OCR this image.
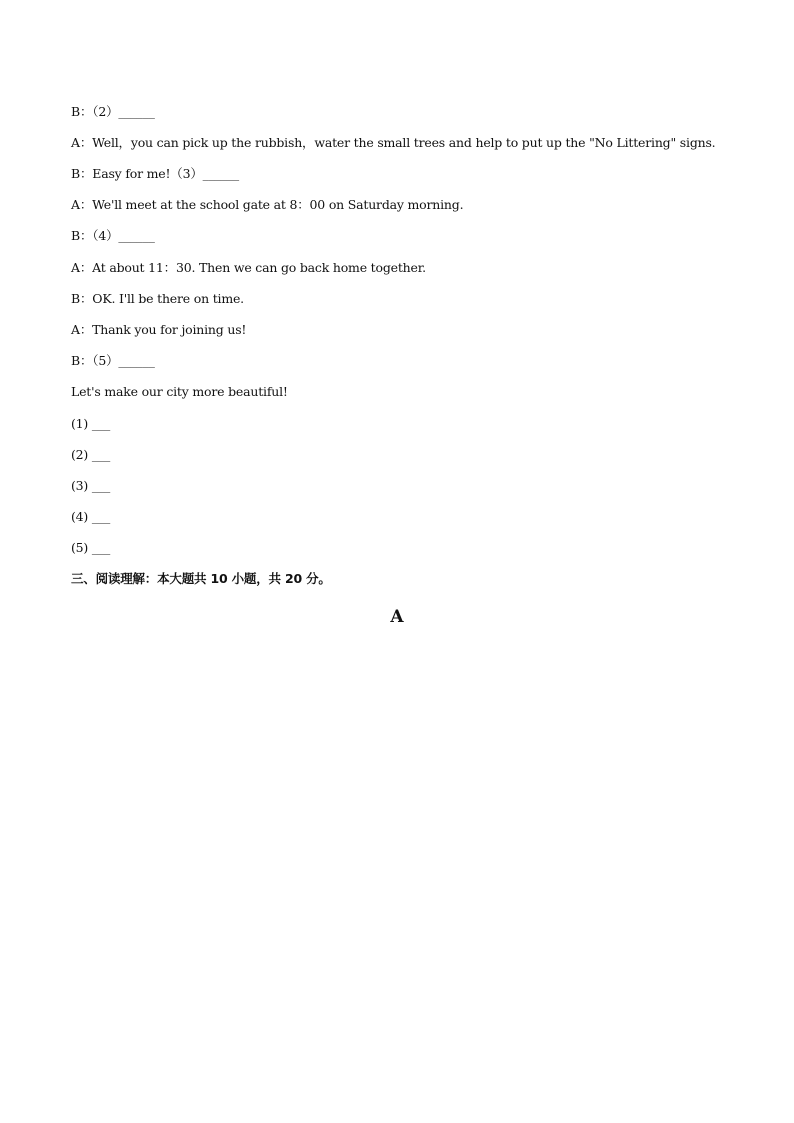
B：（2）______
A：Well，you can pick up the rubbish，water the small trees and help to put up the "No Littering" signs.
B：Easy for me!（3）______
A：We'll meet at the school gate at 8：00 on Saturday morning.
B：（4）______
A：At about 11：30. Then we can go back home together.
B：OK. I'll be there on time.
A：Thank you for joining us!
B：（5）______
Let's make our city more beautiful!
(1) ___
(2) ___
(3) ___
(4) ___
(5) ___
三、阅读理解：本大题共 10 小题，共 20 分。
A
